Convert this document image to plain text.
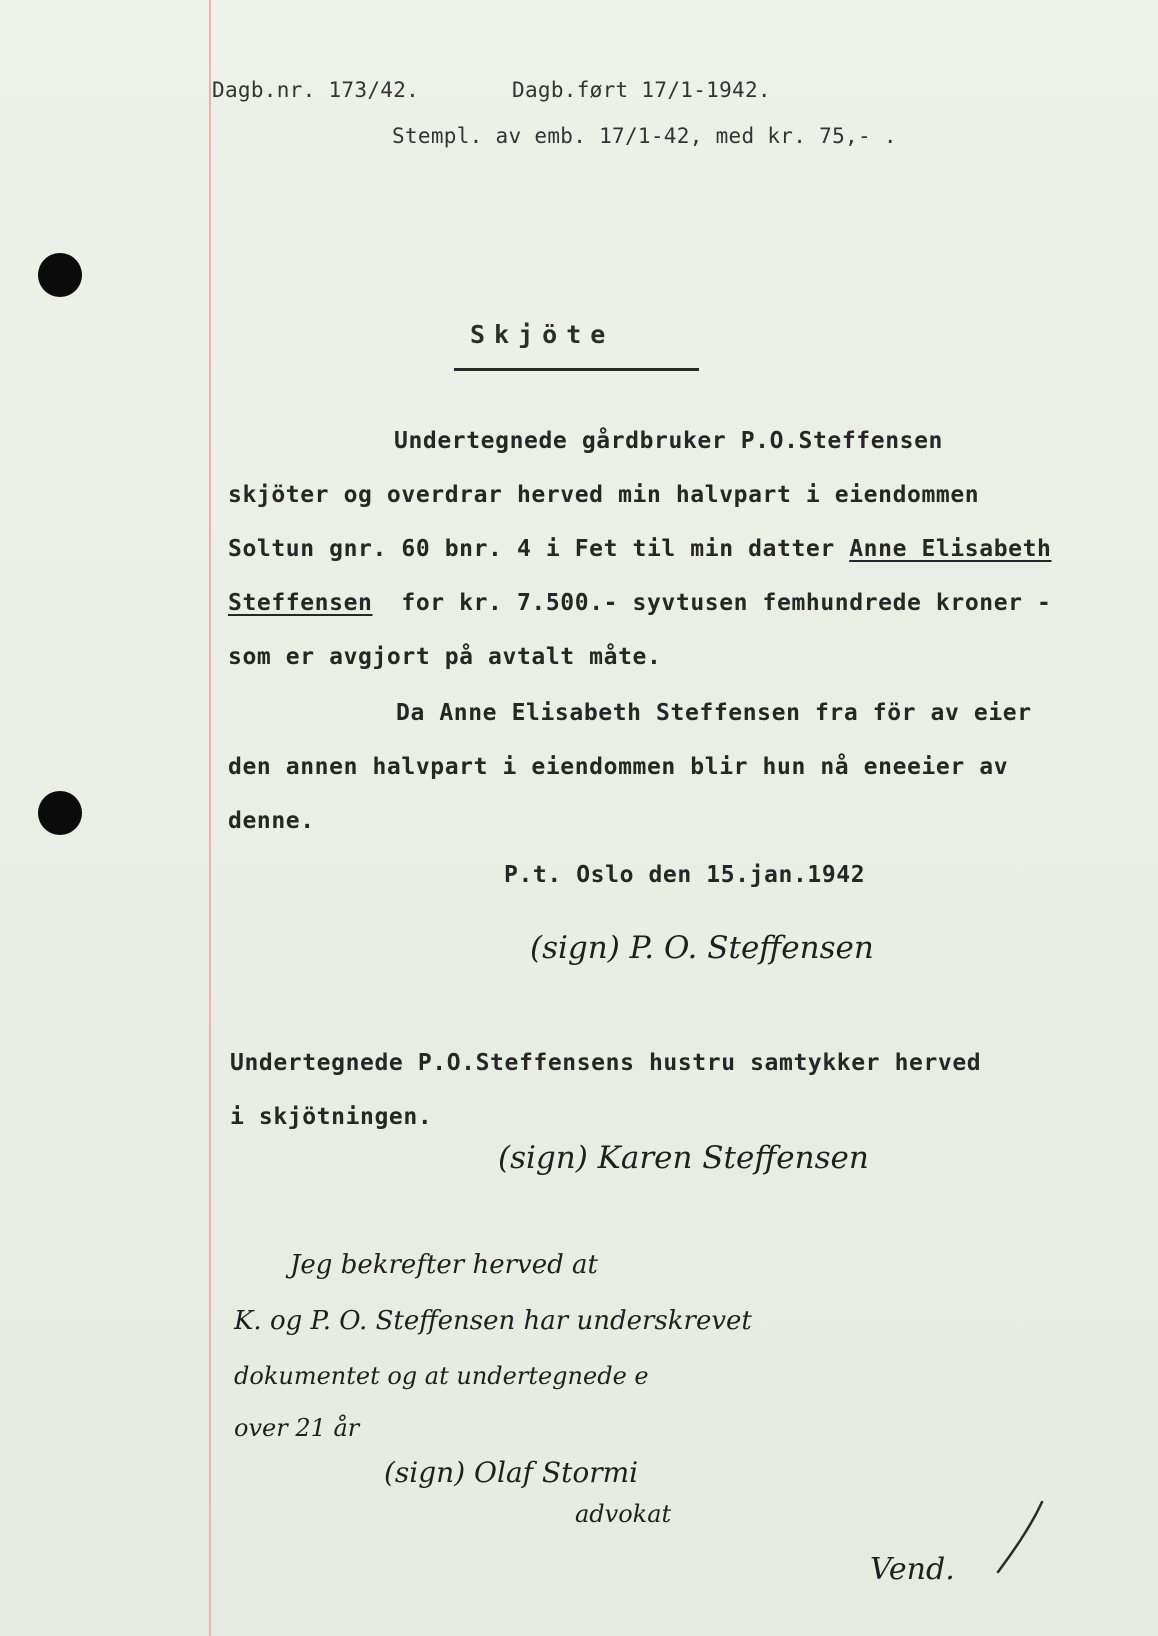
Dagb.nr. 173/42.	Dagb.ført 17/1-1942.
Stempl. av emb. 17/1-42, med kr. 75,- .
Skjöte
Undertegnede gårdbruker P.O.Steffensen
skjöter og overdrar herved min halvpart i eiendommen
Soltun gnr. 60 bnr. 4 i Fet til min datter Anne Elisabeth
Steffensen  for kr. 7.500.- syvtusen femhundrede kroner -
som er avgjort på avtalt måte.
Da Anne Elisabeth Steffensen fra för av eier
den annen halvpart i eiendommen blir hun nå eneeier av
denne.
P.t. Oslo den 15.jan.1942
(sign) P. O. Steffensen
Undertegnede P.O.Steffensens hustru samtykker herved
i skjötningen.
(sign) Karen Steffensen
Jeg bekrefter herved at
K. og P. O. Steffensen har underskrevet
dokumentet og at undertegnede e
over 21 år
(sign) Olaf Stormi
advokat
Vend.
